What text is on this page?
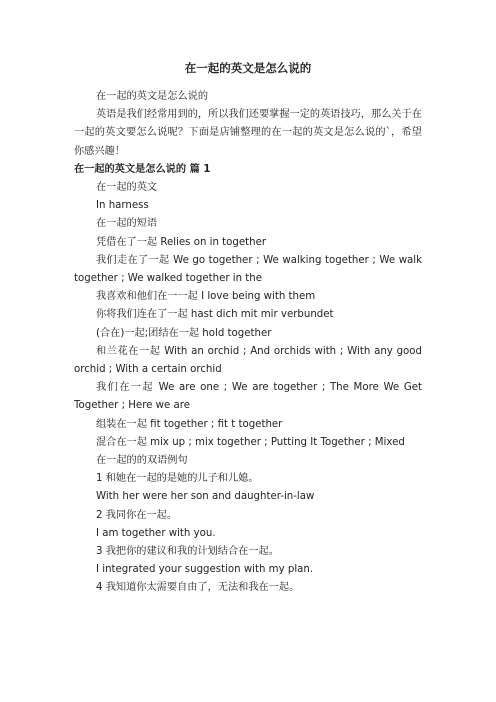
在一起的英文是怎么说的

在一起的英文是怎么说的

英语是我们经常用到的，所以我们还要掌握一定的英语技巧，那么关于在一起的英文要怎么说呢？下面是店铺整理的在一起的英文是怎么说的`，希望你感兴趣！

在一起的英文是怎么说的 篇 1

在一起的英文

In harness

在一起的短语

凭借在了一起 Relies on in together

我们走在了一起 We go together ; We walking together ; We walk together ; We walked together in the

我喜欢和他们在一一起 I love being with them

你将我们连在了一起 hast dich mit mir verbundet

(合在)一起;团结在一起 hold together

和兰花在一起 With an orchid ; And orchids with ; With any good orchid ; With a certain orchid

我们在一起 We are one ; We are together ; The More We Get Together ; Here we are

组装在一起 fit together ; fit t together

混合在一起 mix up ; mix together ; Putting It Together ; Mixed

在一起的的双语例句

1 和她在一起的是她的儿子和儿媳。

With her were her son and daughter-in-law

2 我同你在一起。

I am together with you.

3 我把你的建议和我的计划结合在一起。

I integrated your suggestion with my plan.

4 我知道你太需要自由了，无法和我在一起。
